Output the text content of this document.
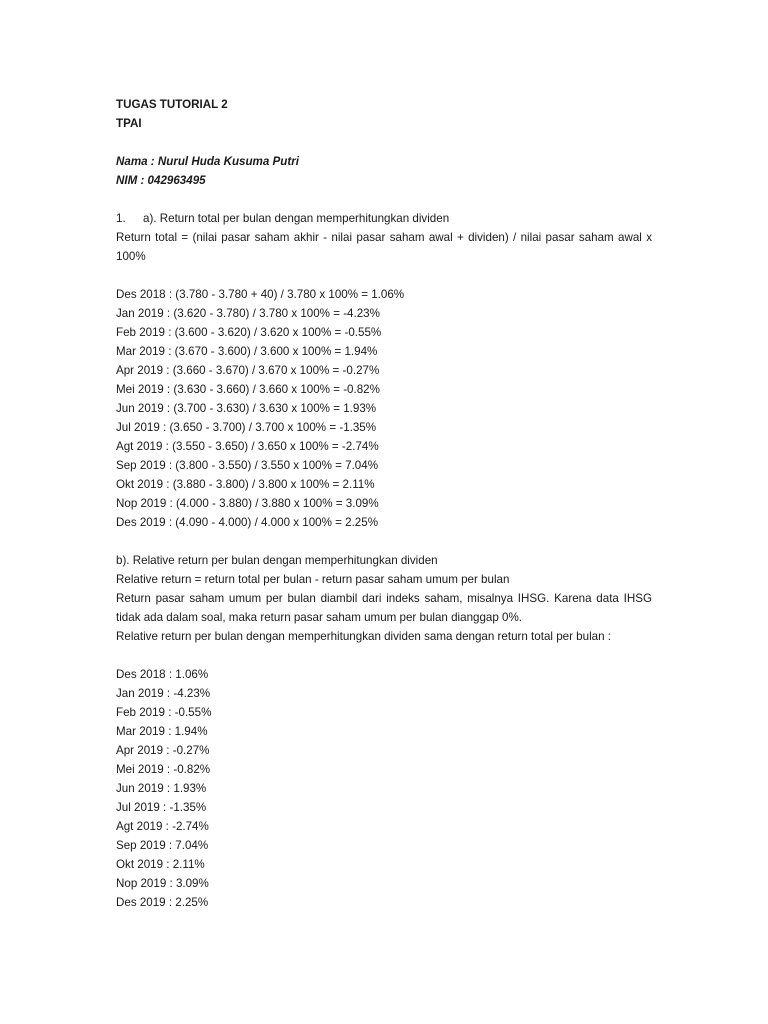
TUGAS TUTORIAL 2
TPAI
Nama : Nurul Huda Kusuma Putri
NIM : 042963495
1.	a). Return total per bulan dengan memperhitungkan dividen
Return total = (nilai pasar saham akhir - nilai pasar saham awal + dividen) / nilai pasar saham awal x 100%
Des 2018 : (3.780 - 3.780 + 40) / 3.780 x 100% = 1.06%
Jan 2019 : (3.620 - 3.780) / 3.780 x 100% = -4.23%
Feb 2019 : (3.600 - 3.620) / 3.620 x 100% = -0.55%
Mar 2019 : (3.670 - 3.600) / 3.600 x 100% = 1.94%
Apr 2019 : (3.660 - 3.670) / 3.670 x 100% = -0.27%
Mei 2019 : (3.630 - 3.660) / 3.660 x 100% = -0.82%
Jun 2019 : (3.700 - 3.630) / 3.630 x 100% = 1.93%
Jul 2019 : (3.650 - 3.700) / 3.700 x 100% = -1.35%
Agt 2019 : (3.550 - 3.650) / 3.650 x 100% = -2.74%
Sep 2019 : (3.800 - 3.550) / 3.550 x 100% = 7.04%
Okt 2019 : (3.880 - 3.800) / 3.800 x 100% = 2.11%
Nop 2019 : (4.000 - 3.880) / 3.880 x 100% = 3.09%
Des 2019 : (4.090 - 4.000) / 4.000 x 100% = 2.25%
b). Relative return per bulan dengan memperhitungkan dividen
Relative return = return total per bulan - return pasar saham umum per bulan
Return pasar saham umum per bulan diambil dari indeks saham, misalnya IHSG. Karena data IHSG tidak ada dalam soal, maka return pasar saham umum per bulan dianggap 0%.
Relative return per bulan dengan memperhitungkan dividen sama dengan return total per bulan :
Des 2018 : 1.06%
Jan 2019 : -4.23%
Feb 2019 : -0.55%
Mar 2019 : 1.94%
Apr 2019 : -0.27%
Mei 2019 : -0.82%
Jun 2019 : 1.93%
Jul 2019 : -1.35%
Agt 2019 : -2.74%
Sep 2019 : 7.04%
Okt 2019 : 2.11%
Nop 2019 : 3.09%
Des 2019 : 2.25%
